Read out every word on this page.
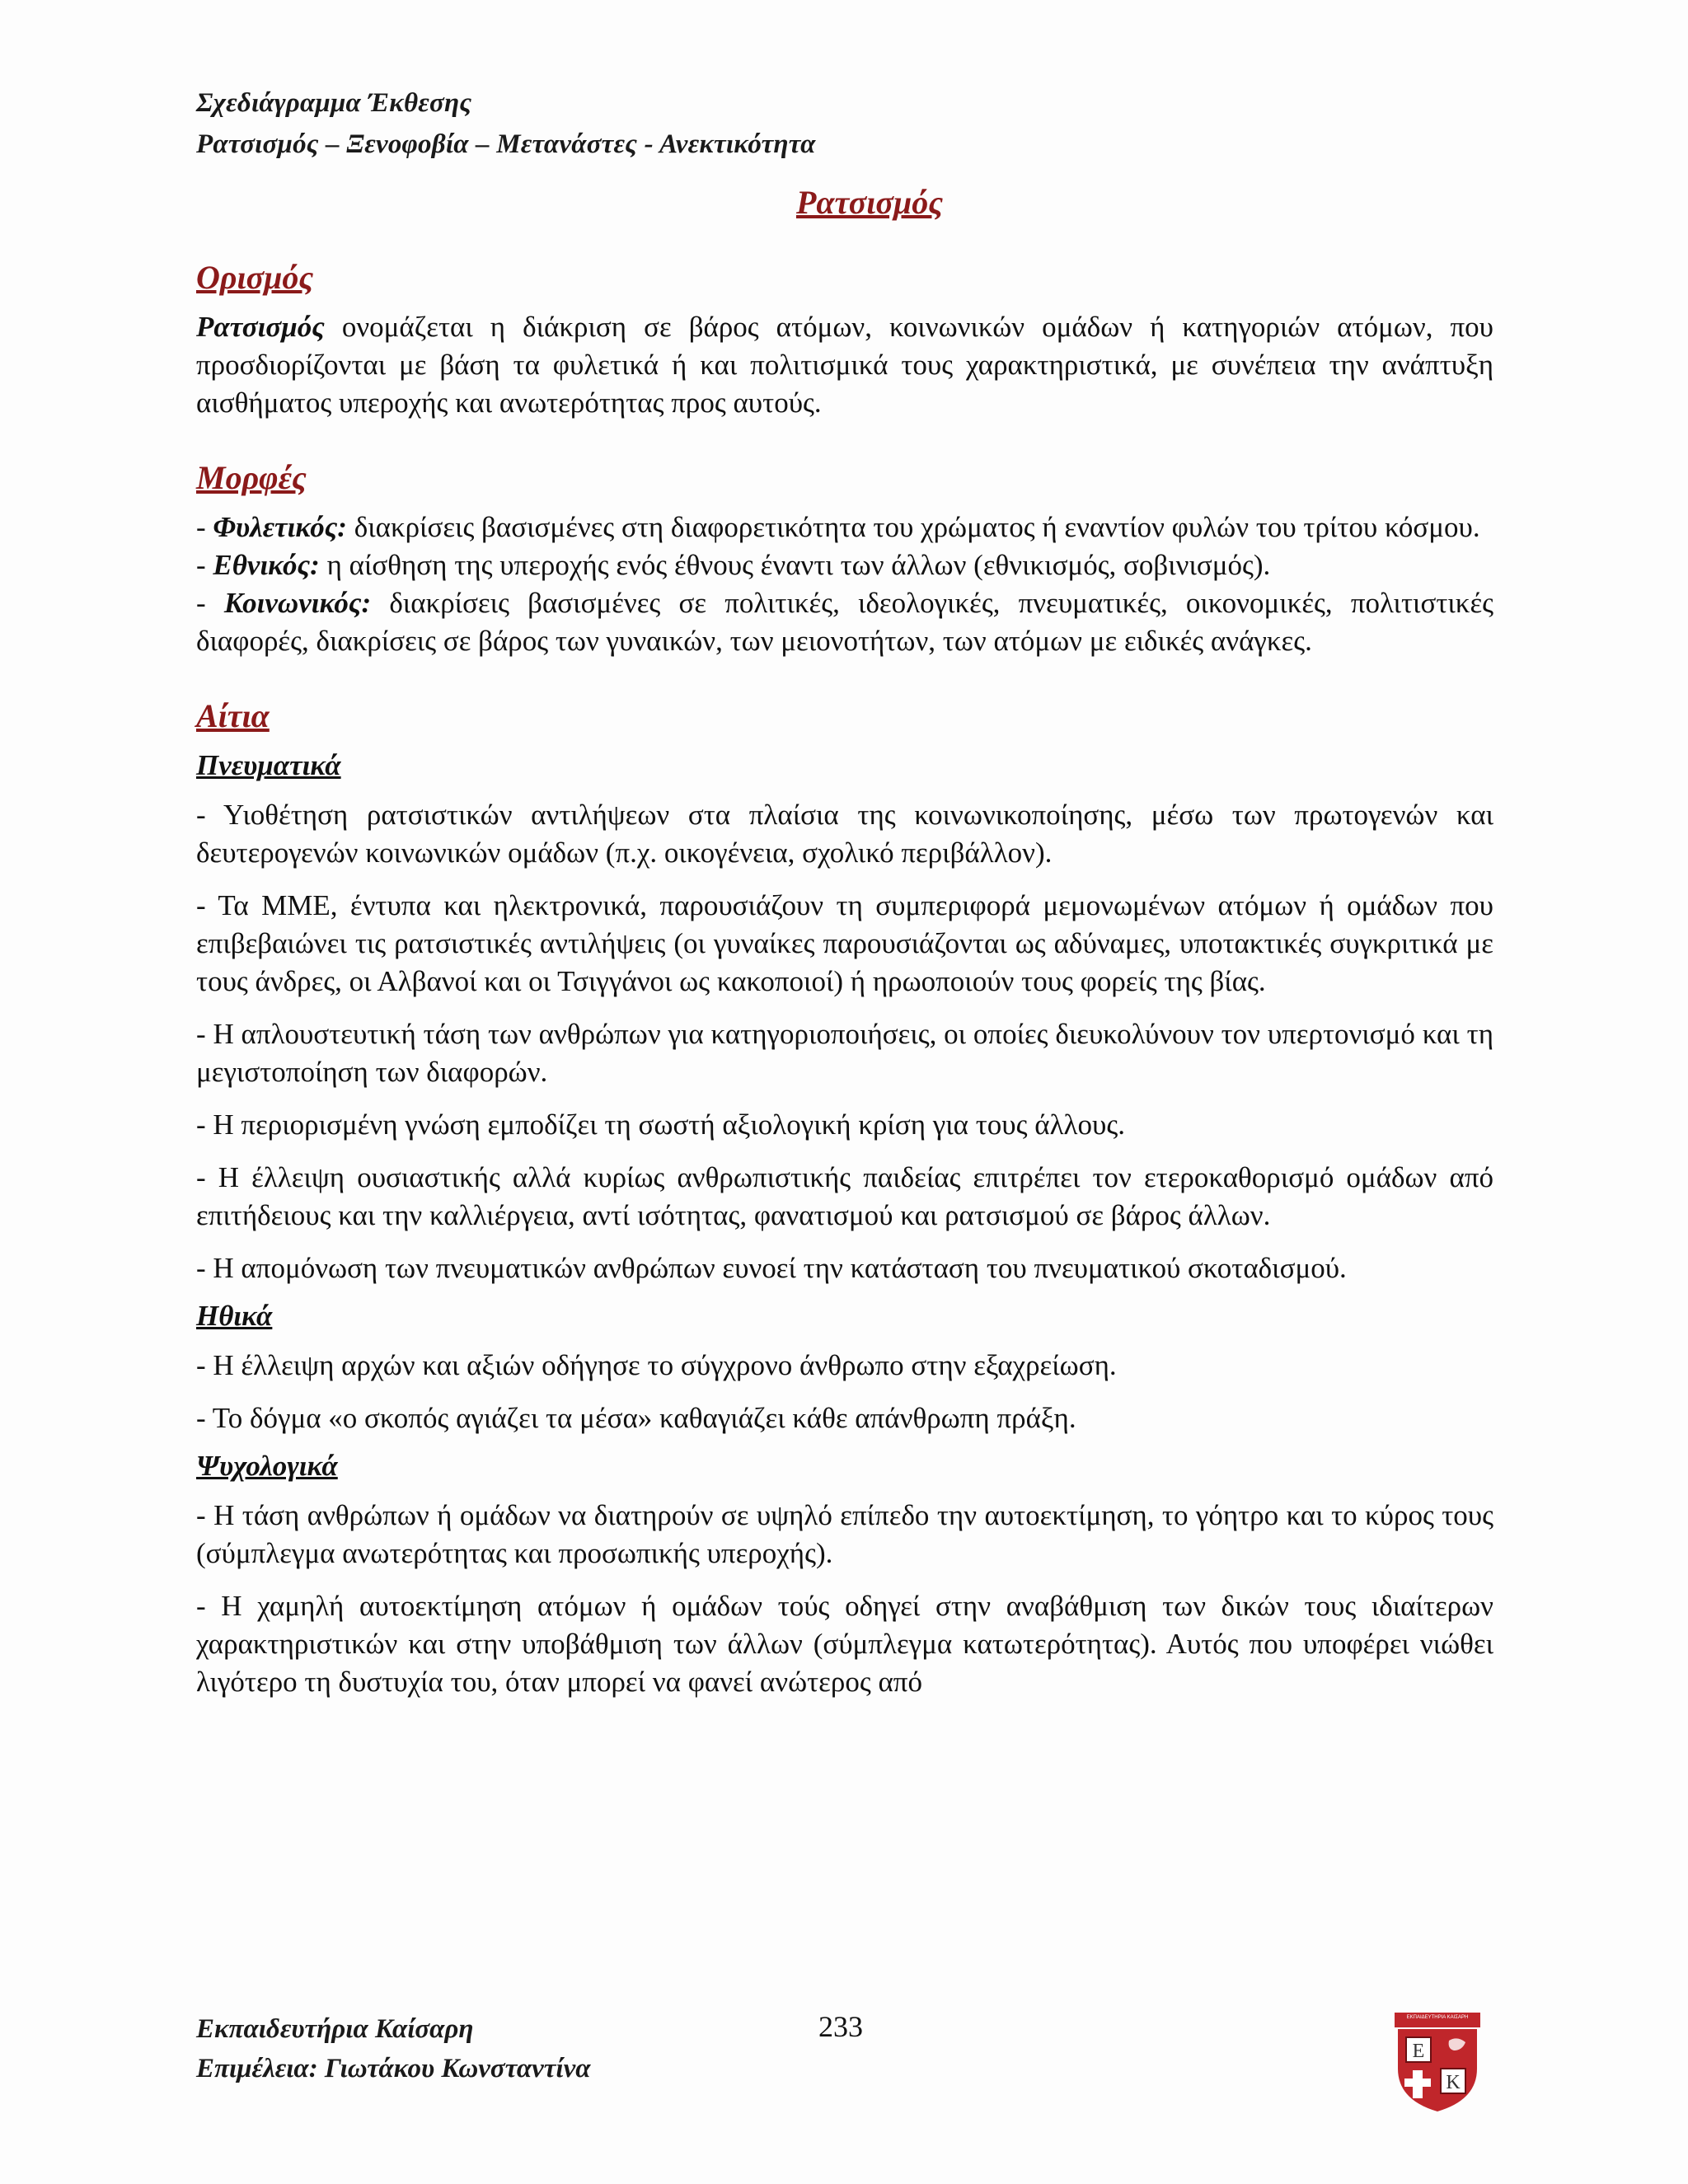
Σχεδιάγραμμα Έκθεσης
Ρατσισμός – Ξενοφοβία – Μετανάστες - Ανεκτικότητα
Ρατσισμός
Ορισμός

Ρατσισμός ονομάζεται η διάκριση σε βάρος ατόμων, κοινωνικών ομάδων ή κατηγοριών ατόμων, που προσδιορίζονται με βάση τα φυλετικά ή και πολιτισμικά τους χαρακτηριστικά, με συνέπεια την ανάπτυξη αισθήματος υπεροχής και ανωτερότητας προς αυτούς.

Μορφές

- Φυλετικός: διακρίσεις βασισμένες στη διαφορετικότητα του χρώματος ή εναντίον φυλών του τρίτου κόσμου.

- Εθνικός: η αίσθηση της υπεροχής ενός έθνους έναντι των άλλων (εθνικισμός, σοβινισμός).

- Κοινωνικός: διακρίσεις βασισμένες σε πολιτικές, ιδεολογικές, πνευματικές, οικονομικές, πολιτιστικές διαφορές, διακρίσεις σε βάρος των γυναικών, των μειονοτήτων, των ατόμων με ειδικές ανάγκες.

Αίτια
Πνευματικά

- Υιοθέτηση ρατσιστικών αντιλήψεων στα πλαίσια της κοινωνικοποίησης, μέσω των πρωτογενών και δευτερογενών κοινωνικών ομάδων (π.χ. οικογένεια, σχολικό περιβάλλον).

- Τα ΜΜΕ, έντυπα και ηλεκτρονικά, παρουσιάζουν τη συμπεριφορά μεμονωμένων ατόμων ή ομάδων που επιβεβαιώνει τις ρατσιστικές αντιλήψεις (οι γυναίκες παρουσιάζονται ως αδύναμες, υποτακτικές συγκριτικά με τους άνδρες, οι Αλβανοί και οι Τσιγγάνοι ως κακοποιοί) ή ηρωοποιούν τους φορείς της βίας.

- Η απλουστευτική τάση των ανθρώπων για κατηγοριοποιήσεις, οι οποίες διευκολύνουν τον υπερτονισμό και τη μεγιστοποίηση των διαφορών.

- Η περιορισμένη γνώση εμποδίζει τη σωστή αξιολογική κρίση για τους άλλους.

- Η έλλειψη ουσιαστικής αλλά κυρίως ανθρωπιστικής παιδείας επιτρέπει τον ετεροκαθορισμό ομάδων από επιτήδειους και την καλλιέργεια, αντί ισότητας, φανατισμού και ρατσισμού σε βάρος άλλων.

- Η απομόνωση των πνευματικών ανθρώπων ευνοεί την κατάσταση του πνευματικού σκοταδισμού.

Ηθικά

- Η έλλειψη αρχών και αξιών οδήγησε το σύγχρονο άνθρωπο στην εξαχρείωση.

- Το δόγμα «ο σκοπός αγιάζει τα μέσα» καθαγιάζει κάθε απάνθρωπη πράξη.

Ψυχολογικά

- Η τάση ανθρώπων ή ομάδων να διατηρούν σε υψηλό επίπεδο την αυτοεκτίμηση, το γόητρο και το κύρος τους (σύμπλεγμα ανωτερότητας και προσωπικής υπεροχής).

- Η χαμηλή αυτοεκτίμηση ατόμων ή ομάδων τούς οδηγεί στην αναβάθμιση των δικών τους ιδιαίτερων χαρακτηριστικών και στην υποβάθμιση των άλλων (σύμπλεγμα κατωτερότητας). Αυτός που υποφέρει νιώθει λιγότερο τη δυστυχία του, όταν μπορεί να φανεί ανώτερος από

Εκπαιδευτήρια Καίσαρη
Επιμέλεια: Γιωτάκου Κωνσταντίνα
233	ΕΚΠΑΙΔΕΥΤΗΡΙΑ ΚΑΙΣΑΡΗ
Ε
Κ
